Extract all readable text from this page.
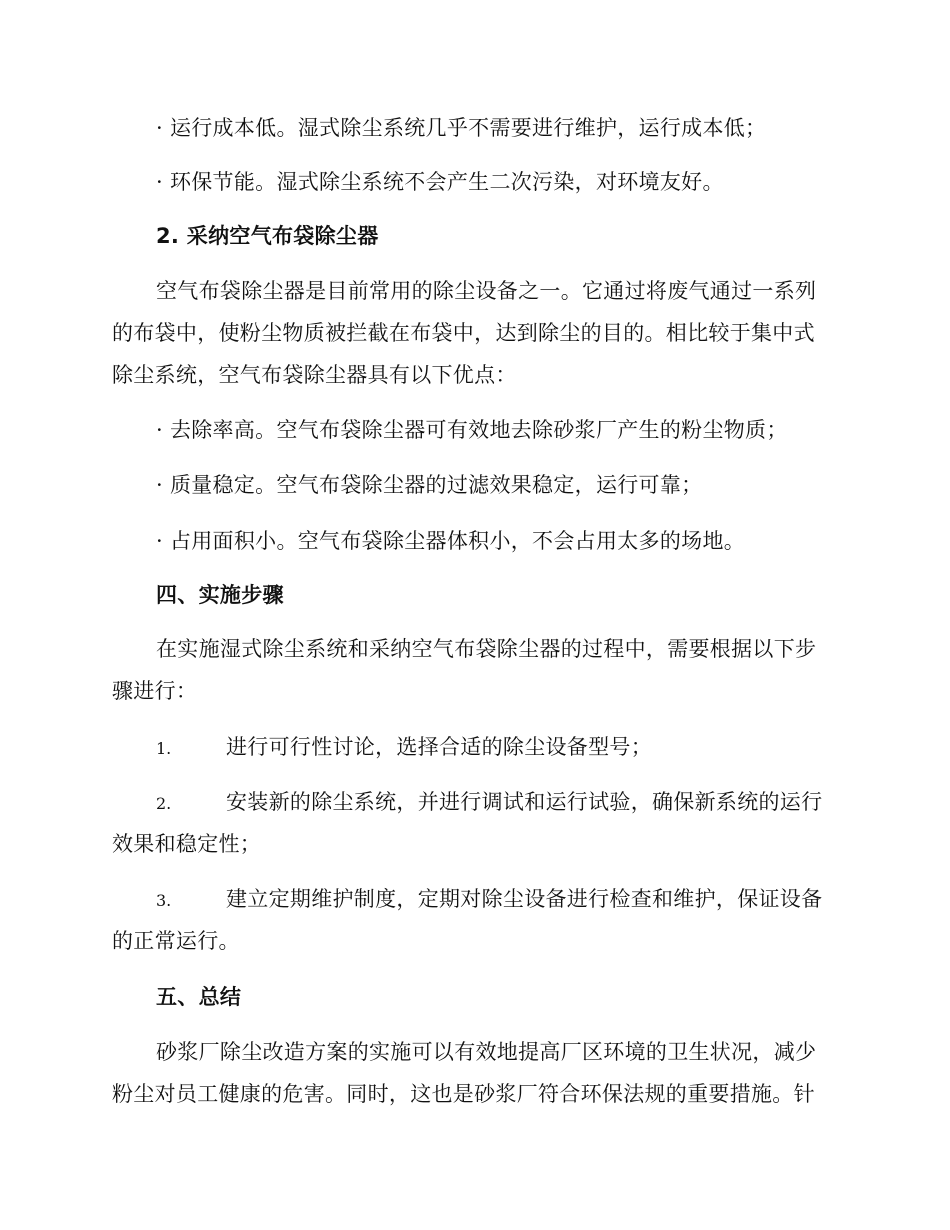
· 运行成本低。湿式除尘系统几乎不需要进行维护，运行成本低；
· 环保节能。湿式除尘系统不会产生二次污染，对环境友好。
2. 采纳空气布袋除尘器
空气布袋除尘器是目前常用的除尘设备之一。它通过将废气通过一系列
的布袋中，使粉尘物质被拦截在布袋中，达到除尘的目的。相比较于集中式
除尘系统，空气布袋除尘器具有以下优点：
· 去除率高。空气布袋除尘器可有效地去除砂浆厂产生的粉尘物质；
· 质量稳定。空气布袋除尘器的过滤效果稳定，运行可靠；
· 占用面积小。空气布袋除尘器体积小，不会占用太多的场地。
四、实施步骤
在实施湿式除尘系统和采纳空气布袋除尘器的过程中，需要根据以下步
骤进行：
1.	进行可行性讨论，选择合适的除尘设备型号；
2.	安装新的除尘系统，并进行调试和运行试验，确保新系统的运行
效果和稳定性；
3.	建立定期维护制度，定期对除尘设备进行检查和维护，保证设备
的正常运行。
五、总结
砂浆厂除尘改造方案的实施可以有效地提高厂区环境的卫生状况，减少
粉尘对员工健康的危害。同时，这也是砂浆厂符合环保法规的重要措施。针
